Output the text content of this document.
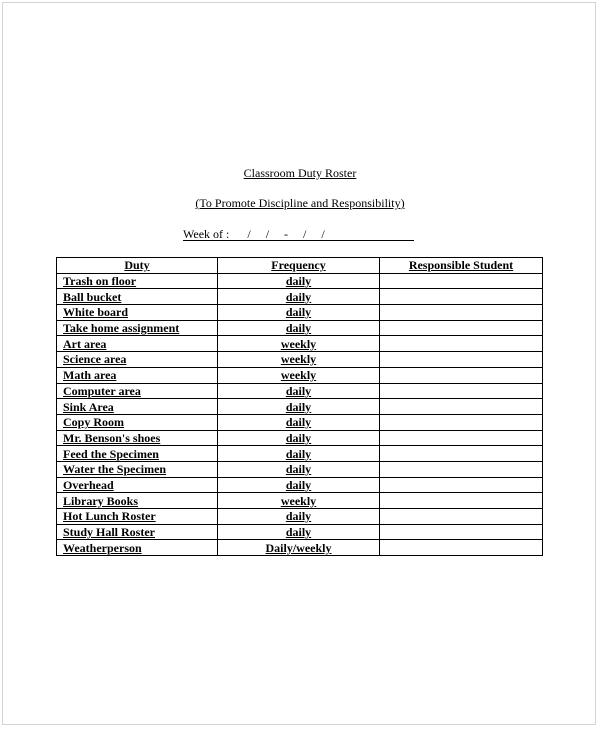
Classroom Duty Roster
(To Promote Discipline and Responsibility)
Week of : /     /     -     /     /
Duty	Frequency	Responsible Student
Trash on floor	daily	
Ball bucket	daily	
White board	daily	
Take home assignment	daily	
Art area	weekly	
Science area	weekly	
Math area	weekly	
Computer area	daily	
Sink Area	daily	
Copy Room	daily	
Mr. Benson's shoes	daily	
Feed the Specimen	daily	
Water the Specimen	daily	
Overhead	daily	
Library Books	weekly	
Hot Lunch Roster	daily	
Study Hall Roster	daily	
Weatherperson	Daily/weekly	
